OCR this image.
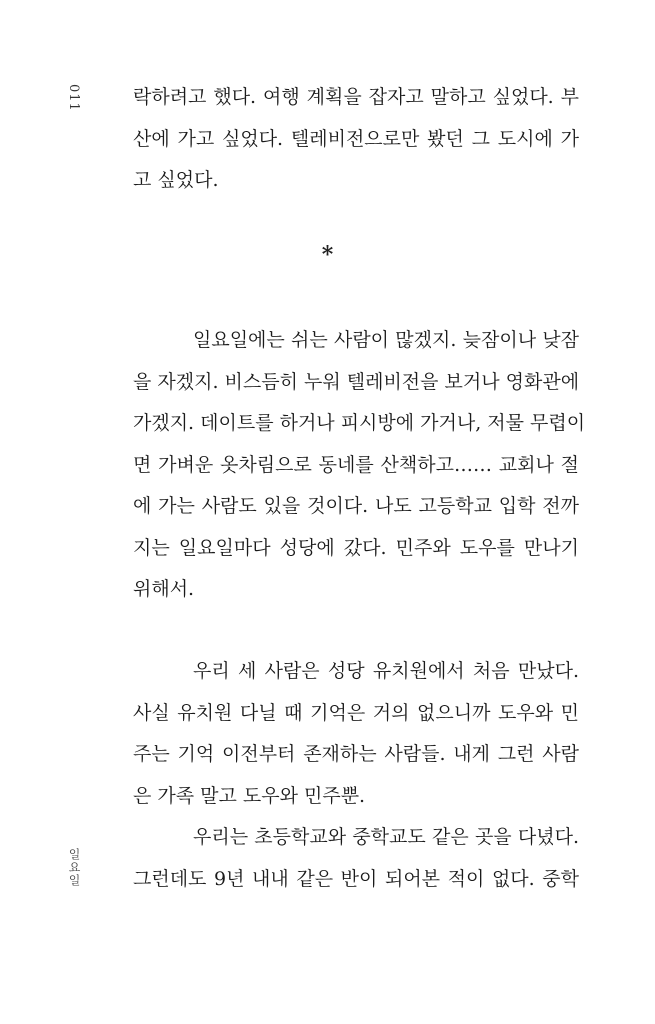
011
일요일
락하려고 했다. 여행 계획을 잡자고 말하고 싶었다. 부
산에 가고 싶었다. 텔레비전으로만 봤던 그 도시에 가
고 싶었다.
*
일요일에는 쉬는 사람이 많겠지. 늦잠이나 낮잠
을 자겠지. 비스듬히 누워 텔레비전을 보거나 영화관에
가겠지. 데이트를 하거나 피시방에 가거나, 저물 무렵이
면 가벼운 옷차림으로 동네를 산책하고…… 교회나 절
에 가는 사람도 있을 것이다. 나도 고등학교 입학 전까
지는 일요일마다 성당에 갔다. 민주와 도우를 만나기
위해서.
우리 세 사람은 성당 유치원에서 처음 만났다.
사실 유치원 다닐 때 기억은 거의 없으니까 도우와 민
주는 기억 이전부터 존재하는 사람들. 내게 그런 사람
은 가족 말고 도우와 민주뿐.
우리는 초등학교와 중학교도 같은 곳을 다녔다.
그런데도 9년 내내 같은 반이 되어본 적이 없다. 중학
